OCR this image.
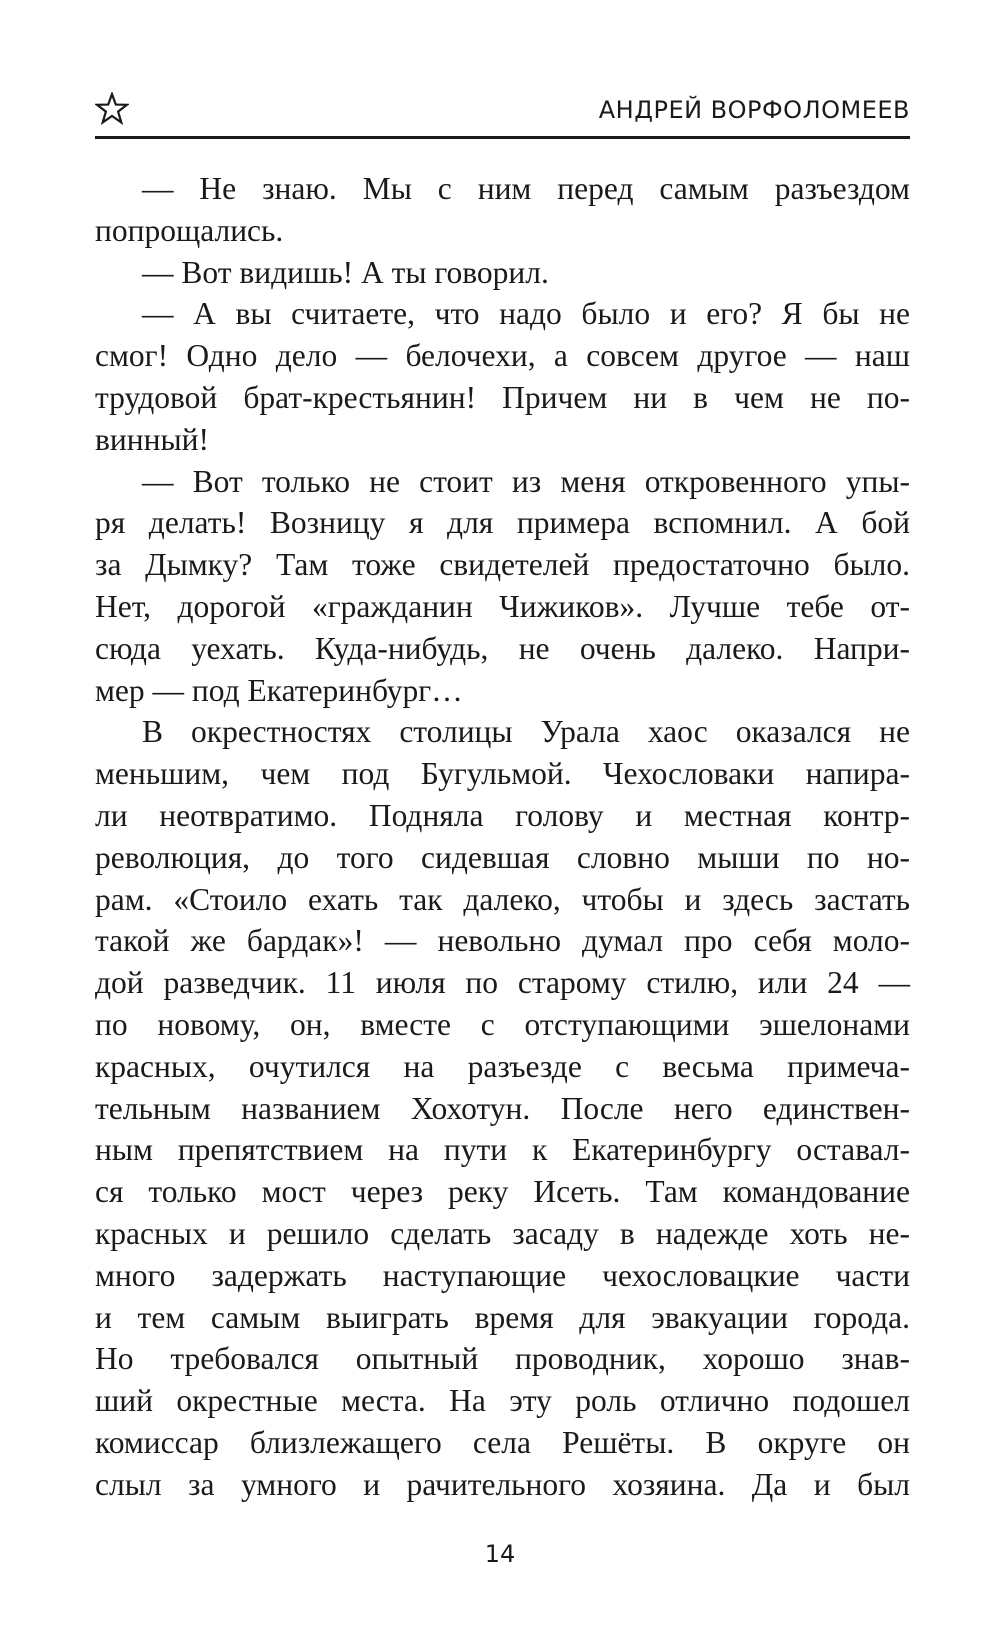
АНДРЕЙ ВОРФОЛОМЕЕВ
— Не знаю. Мы с ним перед самым разъездом
попрощались.
— Вот видишь! А ты говорил.
— А вы считаете, что надо было и его? Я бы не
смог! Одно дело — белочехи, а совсем другое — наш
трудовой брат-крестьянин! Причем ни в чем не по-
винный!
— Вот только не стоит из меня откровенного упы-
ря делать! Возницу я для примера вспомнил. А бой
за Дымку? Там тоже свидетелей предостаточно было.
Нет, дорогой «гражданин Чижиков». Лучше тебе от-
сюда уехать. Куда-нибудь, не очень далеко. Напри-
мер — под Екатеринбург…
В окрестностях столицы Урала хаос оказался не
меньшим, чем под Бугульмой. Чехословаки напира-
ли неотвратимо. Подняла голову и местная контр-
революция, до того сидевшая словно мыши по но-
рам. «Стоило ехать так далеко, чтобы и здесь застать
такой же бардак»! — невольно думал про себя моло-
дой разведчик. 11 июля по старому стилю, или 24 —
по новому, он, вместе с отступающими эшелонами
красных, очутился на разъезде с весьма примеча-
тельным названием Хохотун. После него единствен-
ным препятствием на пути к Екатеринбургу оставал-
ся только мост через реку Исеть. Там командование
красных и решило сделать засаду в надежде хоть не-
много задержать наступающие чехословацкие части
и тем самым выиграть время для эвакуации города.
Но требовался опытный проводник, хорошо знав-
ший окрестные места. На эту роль отлично подошел
комиссар близлежащего села Решёты. В округе он
слыл за умного и рачительного хозяина. Да и был
14
